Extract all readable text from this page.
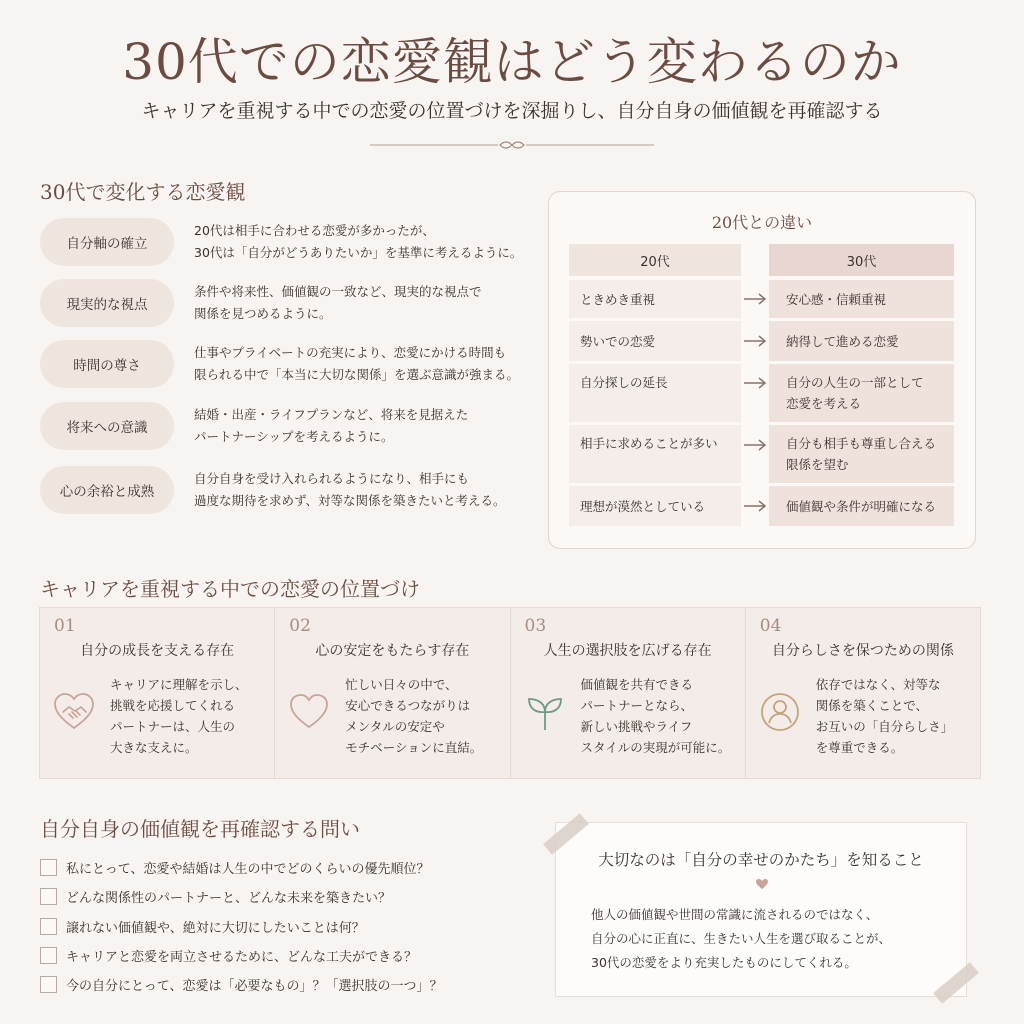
30代での恋愛観はどう変わるのか
キャリアを重視する中での恋愛の位置づけを深掘りし、自分自身の価値観を再確認する
30代で変化する恋愛観
自分軸の確立
20代は相手に合わせる恋愛が多かったが、
30代は「自分がどうありたいか」を基準に考えるように。
現実的な視点
条件や将来性、価値観の一致など、現実的な視点で
関係を見つめるように。
時間の尊さ
仕事やプライベートの充実により、恋愛にかける時間も
限られる中で「本当に大切な関係」を選ぶ意識が強まる。
将来への意識
結婚・出産・ライフプランなど、将来を見据えた
パートナーシップを考えるように。
心の余裕と成熟
自分自身を受け入れられるようになり、相手にも
過度な期待を求めず、対等な関係を築きたいと考える。
20代との違い
20代	30代
ときめき重視	安心感・信頼重視
勢いでの恋愛	納得して進める恋愛
自分探しの延長	自分の人生の一部として
恋愛を考える
相手に求めることが多い	自分も相手も尊重し合える
限係を望む
理想が漠然としている	価値観や条件が明確になる
キャリアを重視する中での恋愛の位置づけ
01
自分の成長を支える存在
キャリアに理解を示し、
挑戦を応援してくれる
パートナーは、人生の
大きな支えに。
02
心の安定をもたらす存在
忙しい日々の中で、
安心できるつながりは
メンタルの安定や
モチベーションに直結。
03
人生の選択肢を広げる存在
価値観を共有できる
パートナーとなら、
新しい挑戦やライフ
スタイルの実現が可能に。
04
自分らしさを保つための関係
依存ではなく、対等な
関係を築くことで、
お互いの「自分らしさ」
を尊重できる。
自分自身の価値観を再確認する問い
私にとって、恋愛や結婚は人生の中でどのくらいの優先順位？
どんな関係性のパートナーと、どんな未来を築きたい？
譲れない価値観や、絶対に大切にしたいことは何？
キャリアと恋愛を両立させるために、どんな工夫ができる？
今の自分にとって、恋愛は「必要なもの」？「選択肢の一つ」？
大切なのは「自分の幸せのかたち」を知ること
他人の価値観や世間の常識に流されるのではなく、
自分の心に正直に、生きたい人生を選び取ることが、
30代の恋愛をより充実したものにしてくれる。
